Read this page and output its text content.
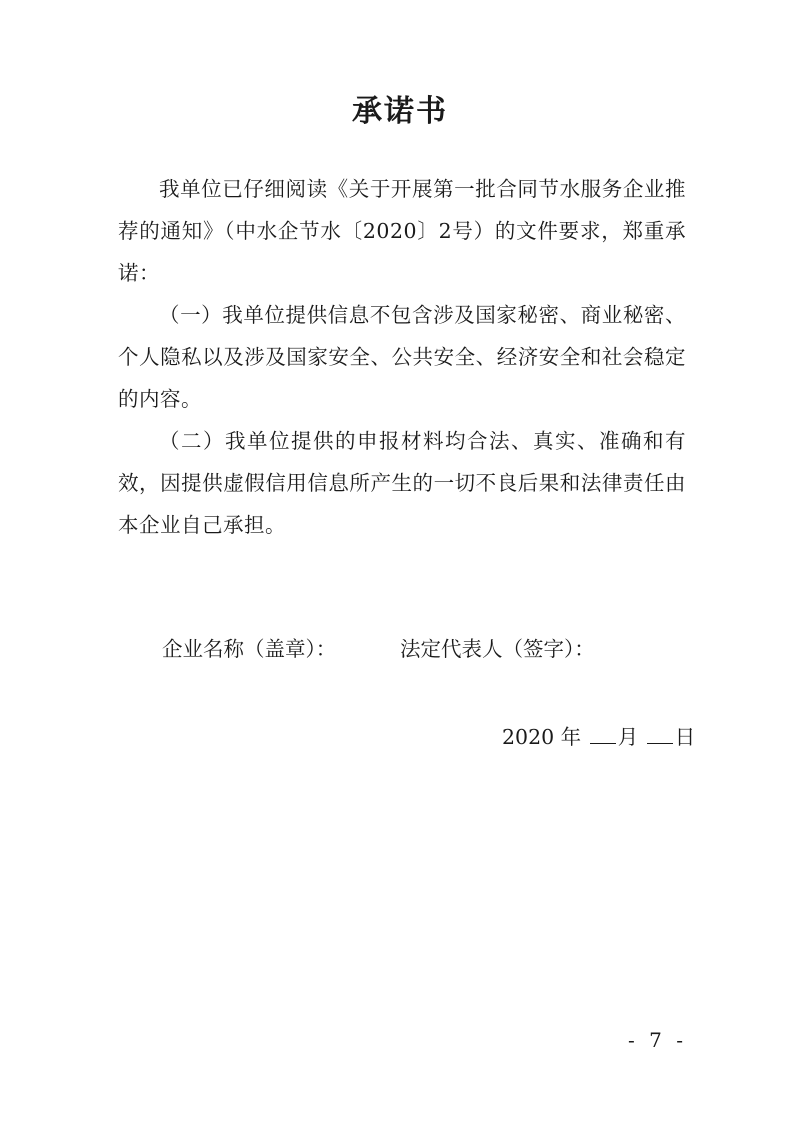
承诺书

我单位已仔细阅读《关于开展第一批合同节水服务企业推荐的通知》（中水企节水〔2020〕2号）的文件要求，郑重承诺：

（一）我单位提供信息不包含涉及国家秘密、商业秘密、个人隐私以及涉及国家安全、公共安全、经济安全和社会稳定的内容。

（二）我单位提供的申报材料均合法、真实、准确和有效，因提供虚假信用信息所产生的一切不良后果和法律责任由本企业自己承担。

企业名称（盖章）：	法定代表人（签字）：
2020 年 月 日
- 7 -
